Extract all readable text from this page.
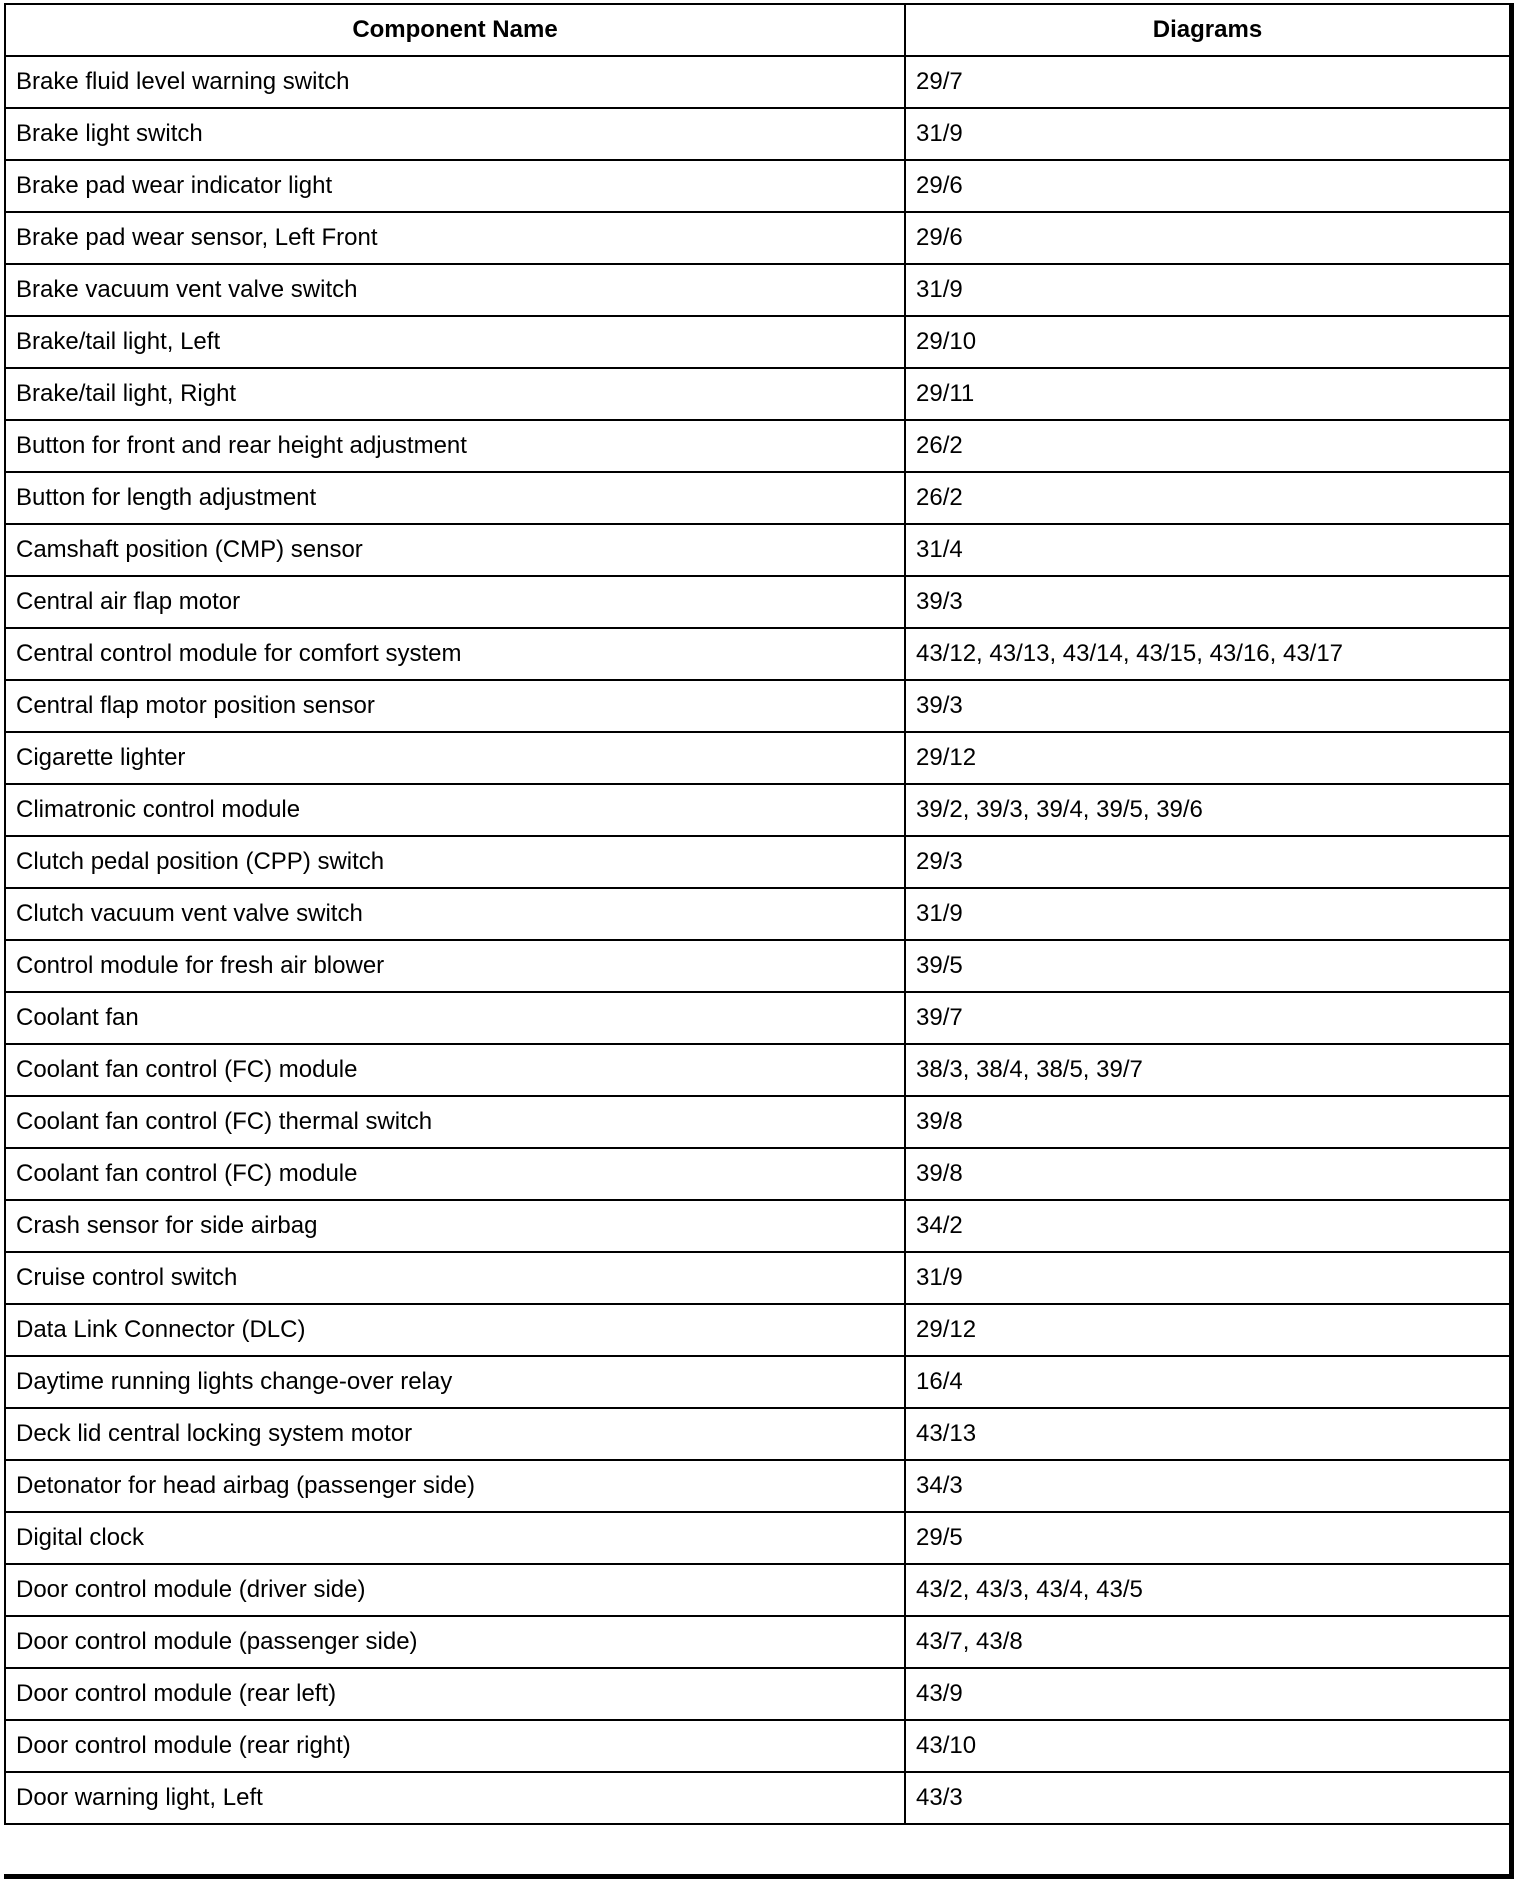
Component Name	Diagrams
Brake fluid level warning switch	29/7
Brake light switch	31/9
Brake pad wear indicator light	29/6
Brake pad wear sensor, Left Front	29/6
Brake vacuum vent valve switch	31/9
Brake/tail light, Left	29/10
Brake/tail light, Right	29/11
Button for front and rear height adjustment	26/2
Button for length adjustment	26/2
Camshaft position (CMP) sensor	31/4
Central air flap motor	39/3
Central control module for comfort system	43/12, 43/13, 43/14, 43/15, 43/16, 43/17
Central flap motor position sensor	39/3
Cigarette lighter	29/12
Climatronic control module	39/2, 39/3, 39/4, 39/5, 39/6
Clutch pedal position (CPP) switch	29/3
Clutch vacuum vent valve switch	31/9
Control module for fresh air blower	39/5
Coolant fan	39/7
Coolant fan control (FC) module	38/3, 38/4, 38/5, 39/7
Coolant fan control (FC) thermal switch	39/8
Coolant fan control (FC) module	39/8
Crash sensor for side airbag	34/2
Cruise control switch	31/9
Data Link Connector (DLC)	29/12
Daytime running lights change-over relay	16/4
Deck lid central locking system motor	43/13
Detonator for head airbag (passenger side)	34/3
Digital clock	29/5
Door control module (driver side)	43/2, 43/3, 43/4, 43/5
Door control module (passenger side)	43/7, 43/8
Door control module (rear left)	43/9
Door control module (rear right)	43/10
Door warning light, Left	43/3
